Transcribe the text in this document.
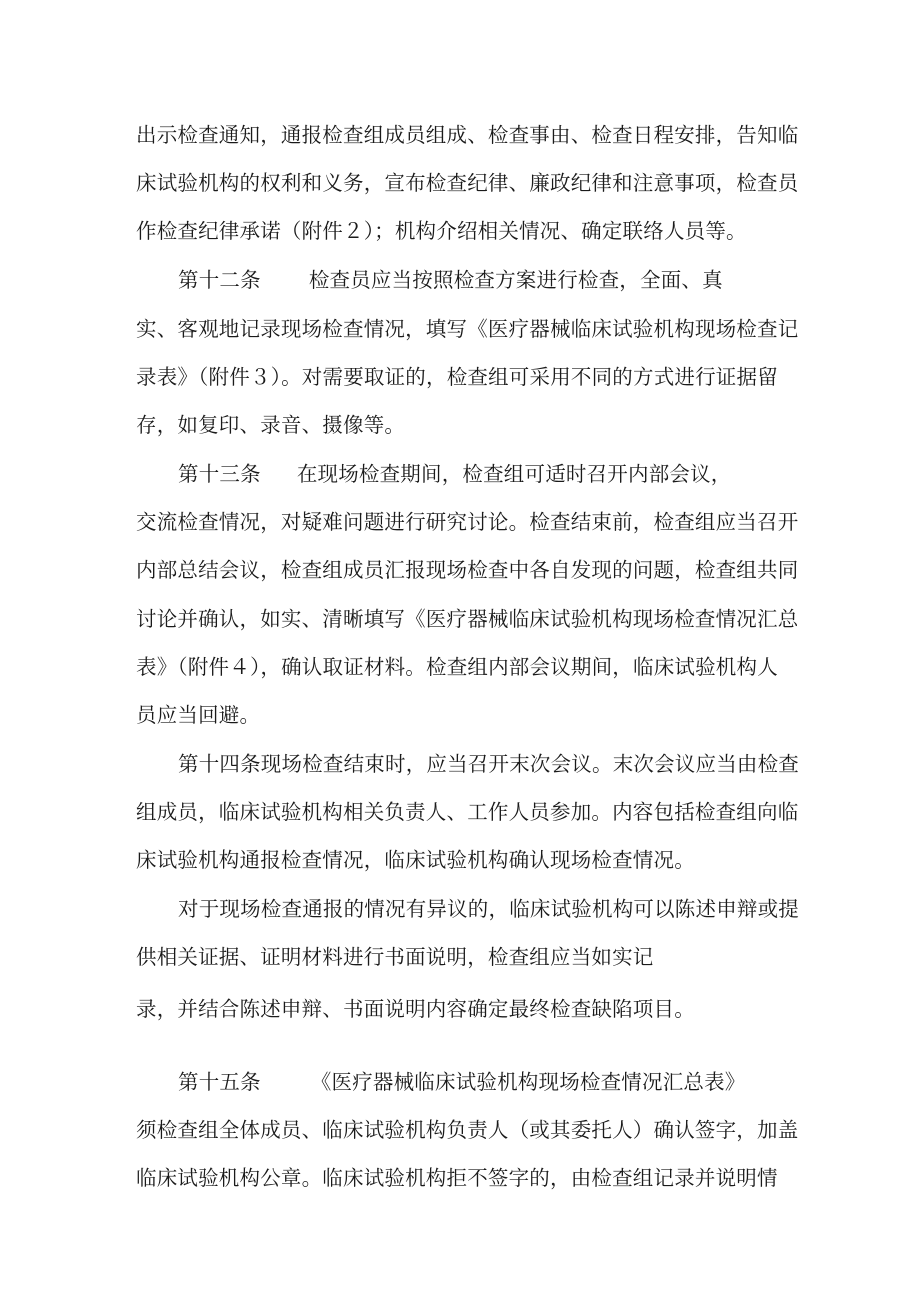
出示检查通知，通报检查组成员组成、检查事由、检查日程安排，告知临
床试验机构的权利和义务，宣布检查纪律、廉政纪律和注意事项，检查员
作检查纪律承诺（附件２）；机构介绍相关情况、确定联络人员等。
第十二条 检查员应当按照检查方案进行检查，全面、真
实、客观地记录现场检查情况，填写《医疗器械临床试验机构现场检查记
录表》（附件３）。对需要取证的，检查组可采用不同的方式进行证据留
存，如复印、录音、摄像等。
第十三条 在现场检查期间，检查组可适时召开内部会议，
交流检查情况，对疑难问题进行研究讨论。检查结束前，检查组应当召开
内部总结会议，检查组成员汇报现场检查中各自发现的问题，检查组共同
讨论并确认，如实、清晰填写《医疗器械临床试验机构现场检查情况汇总
表》（附件４），确认取证材料。检查组内部会议期间，临床试验机构人
员应当回避。
第十四条现场检查结束时，应当召开末次会议。末次会议应当由检查
组成员，临床试验机构相关负责人、工作人员参加。内容包括检查组向临
床试验机构通报检查情况，临床试验机构确认现场检查情况。
对于现场检查通报的情况有异议的，临床试验机构可以陈述申辩或提
供相关证据、证明材料进行书面说明，检查组应当如实记
录，并结合陈述申辩、书面说明内容确定最终检查缺陷项目。
第十五条 《医疗器械临床试验机构现场检查情况汇总表》
须检查组全体成员、临床试验机构负责人（或其委托人）确认签字，加盖
临床试验机构公章。临床试验机构拒不签字的，由检查组记录并说明情
